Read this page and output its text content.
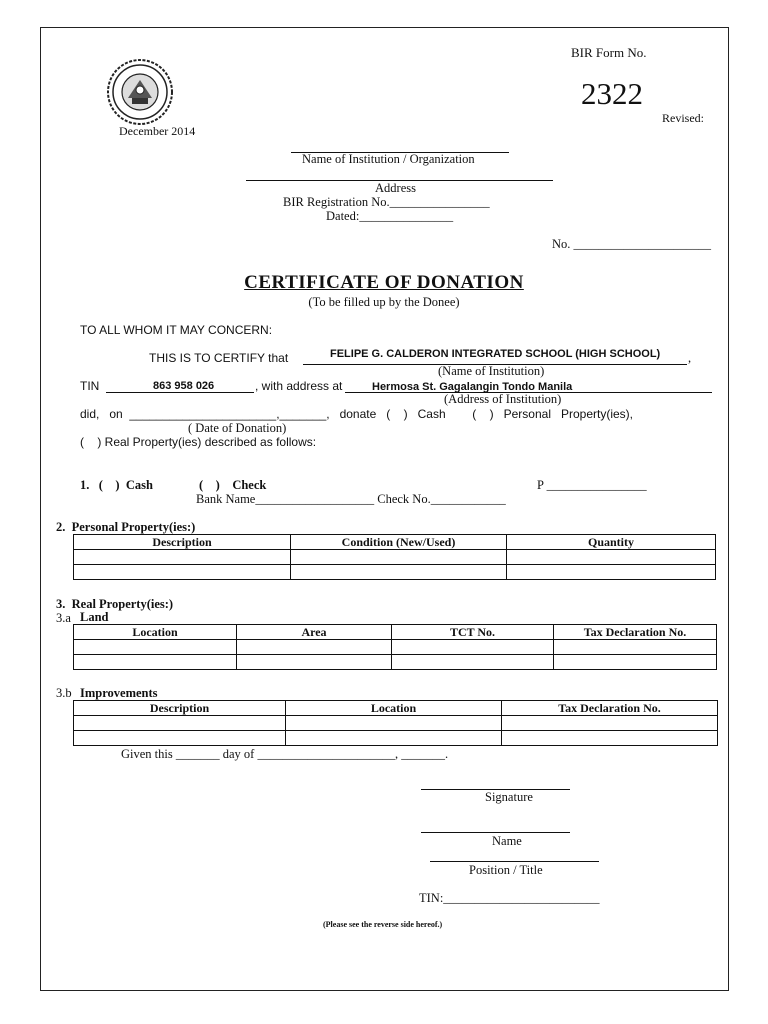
BIR Form No.
2322
Revised:
December 2014
Name of Institution / Organization
Address
BIR Registration No.________________
Dated:_______________
No. ______________________
CERTIFICATE OF DONATION
(To be filled up by the Donee)
TO ALL WHOM IT MAY CONCERN:
THIS IS TO CERTIFY that	FELIPE G. CALDERON INTEGRATED SCHOOL (HIGH SCHOOL) ,
(Name of Institution)
TIN	863 958 026	, with address at	Hermosa St. Gagalangin Tondo Manila
(Address of Institution)
did,   on  ______________________,_______,   donate   (    )   Cash        (    )   Personal   Property(ies),
( Date of Donation)
(    ) Real Property(ies) described as follows:
1.   (    )  Cash	(    )    Check	P ________________
Bank Name___________________ Check No.____________
2.  Personal Property(ies:)
Description	Condition (New/Used)	Quantity

3.  Real Property(ies:)
3.a Land
Location	Area	TCT No.	Tax Declaration No.

3.b Improvements
Description	Location	Tax Declaration No.

Given this _______ day of ______________________, _______.
Signature
Name
Position / Title
TIN:_________________________
(Please see the reverse side hereof.)
